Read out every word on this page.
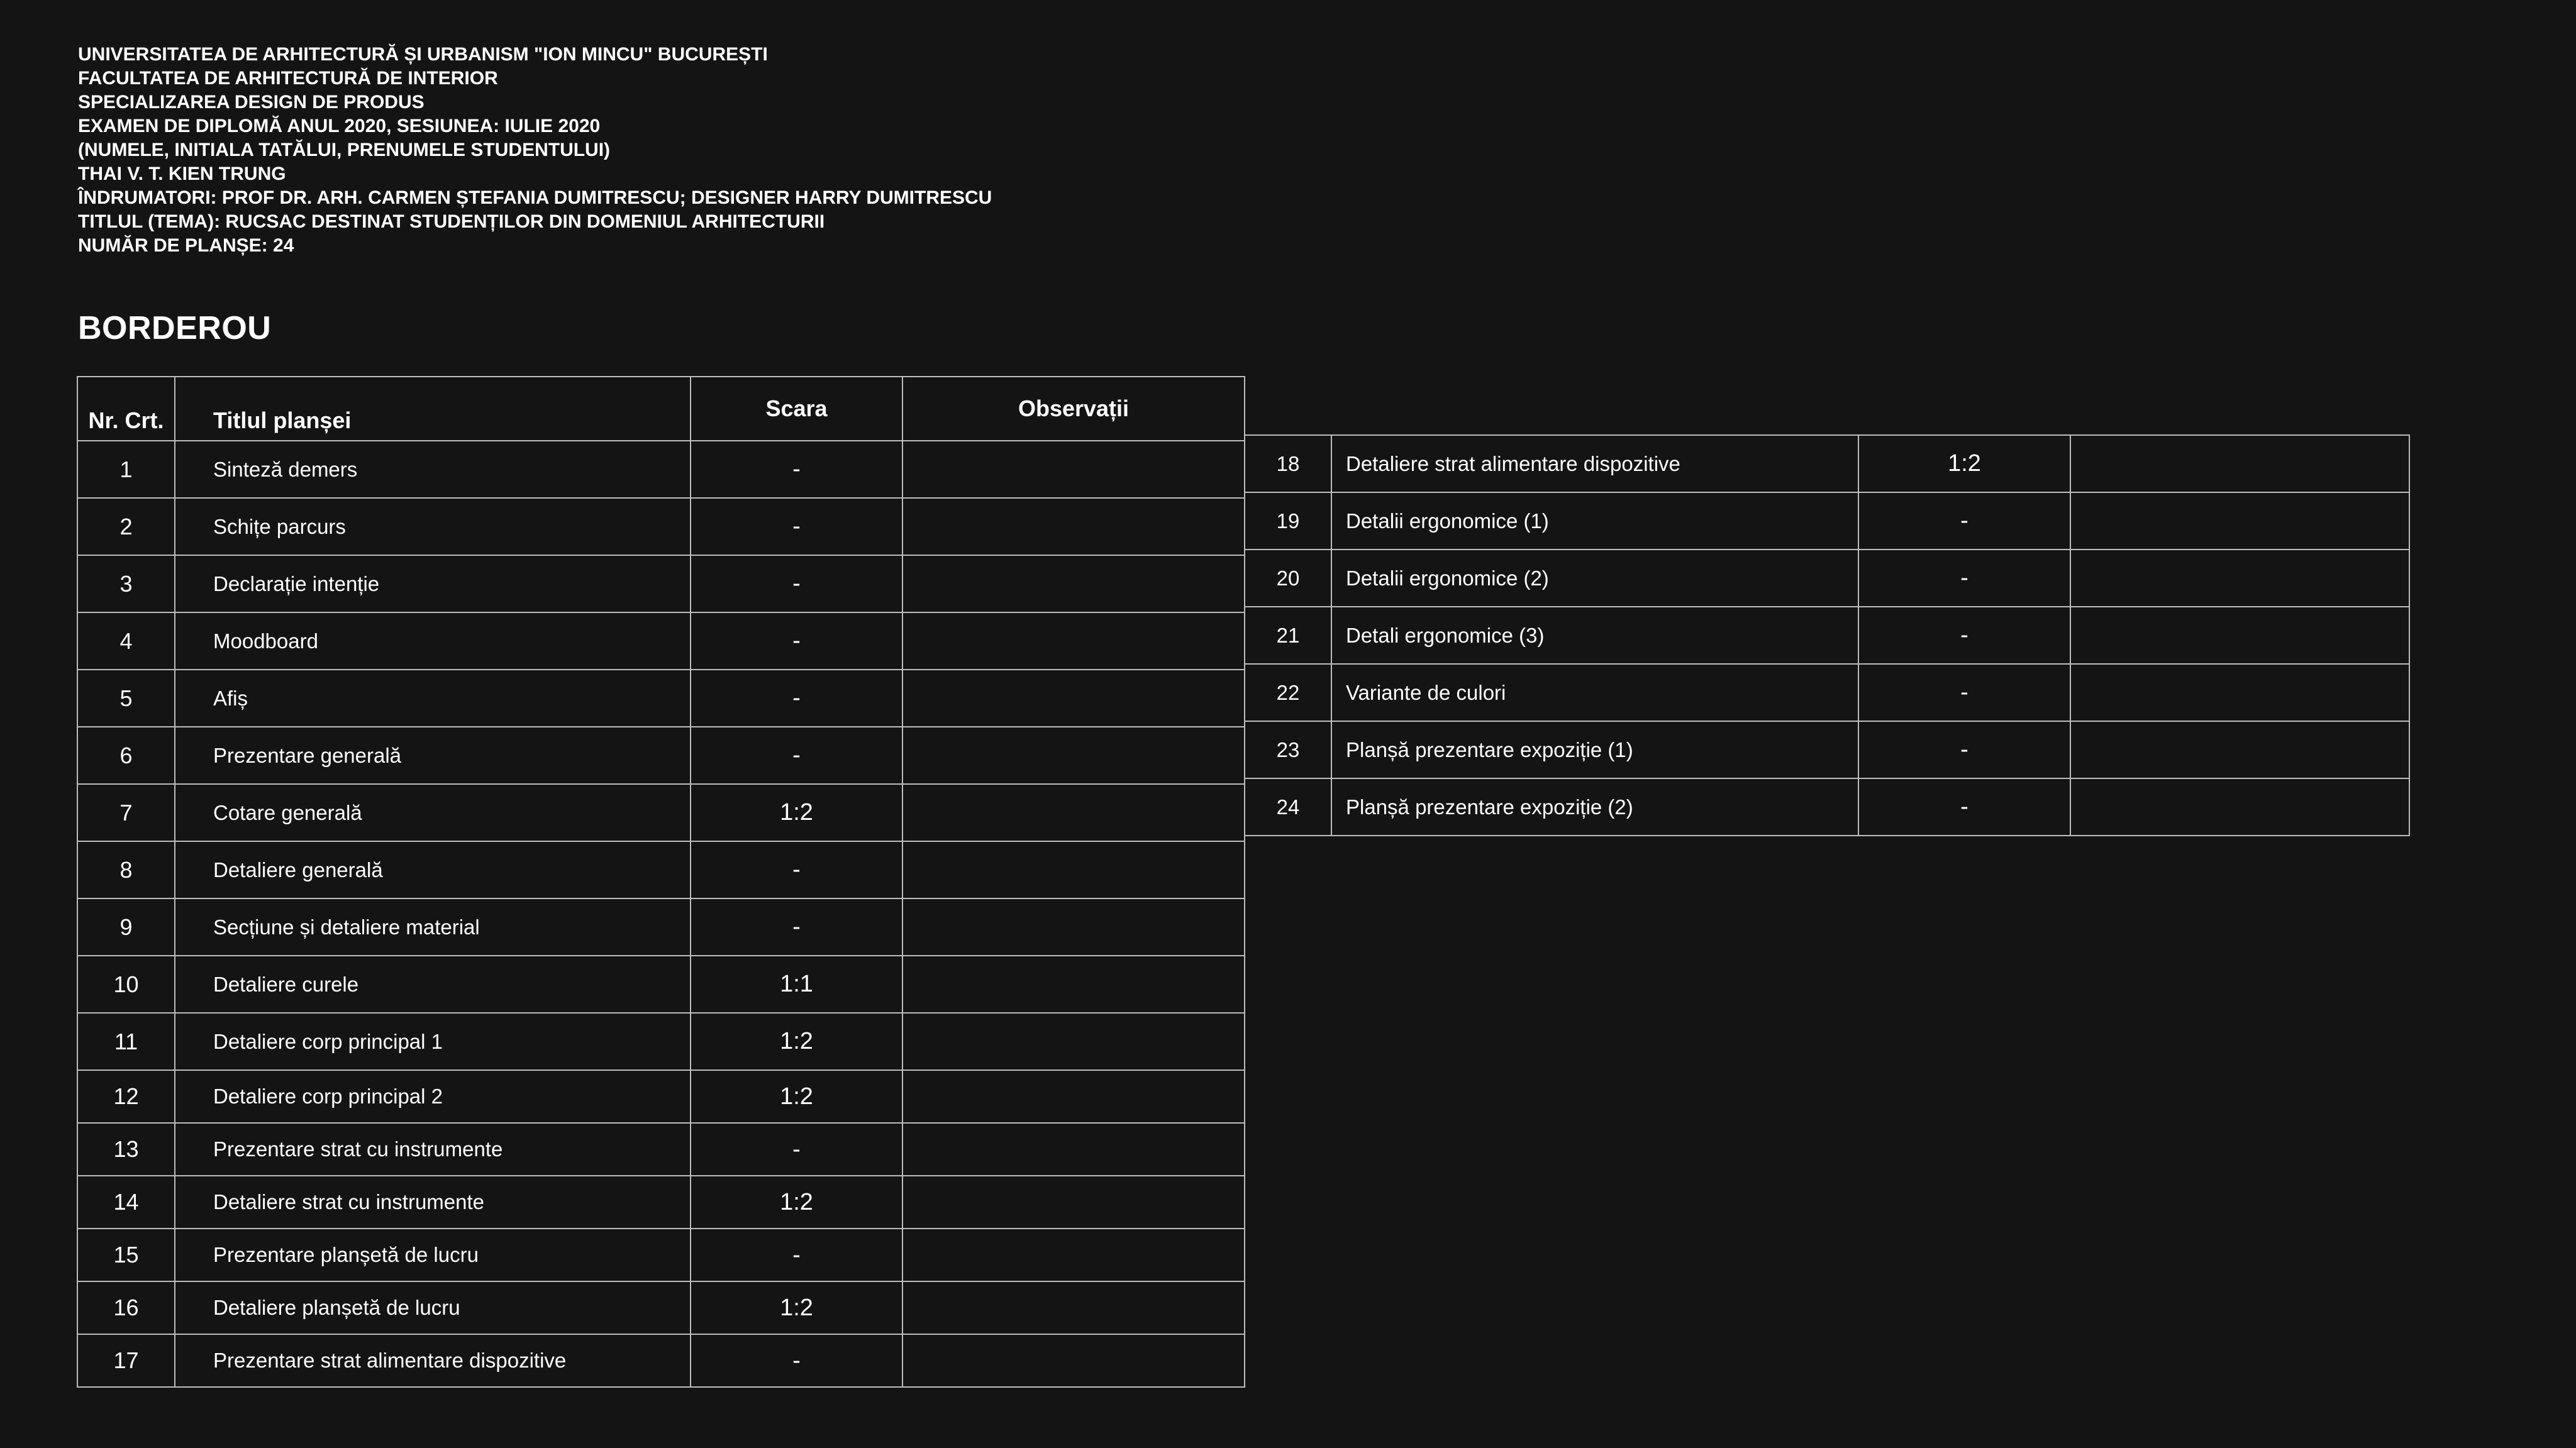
UNIVERSITATEA DE ARHITECTURĂ ȘI URBANISM "ION MINCU" BUCUREȘTI
FACULTATEA DE ARHITECTURĂ DE INTERIOR
SPECIALIZAREA DESIGN DE PRODUS
EXAMEN DE DIPLOMĂ ANUL 2020, SESIUNEA: IULIE 2020
(NUMELE, INITIALA TATĂLUI, PRENUMELE STUDENTULUI)
THAI V. T. KIEN TRUNG
ÎNDRUMATORI: PROF DR. ARH. CARMEN ȘTEFANIA DUMITRESCU; DESIGNER HARRY DUMITRESCU
TITLUL (TEMA): RUCSAC DESTINAT STUDENȚILOR DIN DOMENIUL ARHITECTURII
NUMĂR DE PLANȘE: 24
BORDEROU
Nr. Crt.	Titlul planșei	Scara	Observații
1	Sinteză demers	-	
2	Schițe parcurs	-	
3	Declarație intenție	-	
4	Moodboard	-	
5	Afiș	-	
6	Prezentare generală	-	
7	Cotare generală	1:2	
8	Detaliere generală	-	
9	Secțiune și detaliere material	-	
10	Detaliere curele	1:1	
11	Detaliere corp principal 1	1:2	
12	Detaliere corp principal 2	1:2	
13	Prezentare strat cu instrumente	-	
14	Detaliere strat cu instrumente	1:2	
15	Prezentare planșetă de lucru	-	
16	Detaliere planșetă de lucru	1:2	
17	Prezentare strat alimentare dispozitive	-	
18	Detaliere strat alimentare dispozitive	1:2	
19	Detalii ergonomice (1)	-	
20	Detalii ergonomice (2)	-	
21	Detali ergonomice (3)	-	
22	Variante de culori	-	
23	Planșă prezentare expoziție (1)	-	
24	Planșă prezentare expoziție (2)	-	
